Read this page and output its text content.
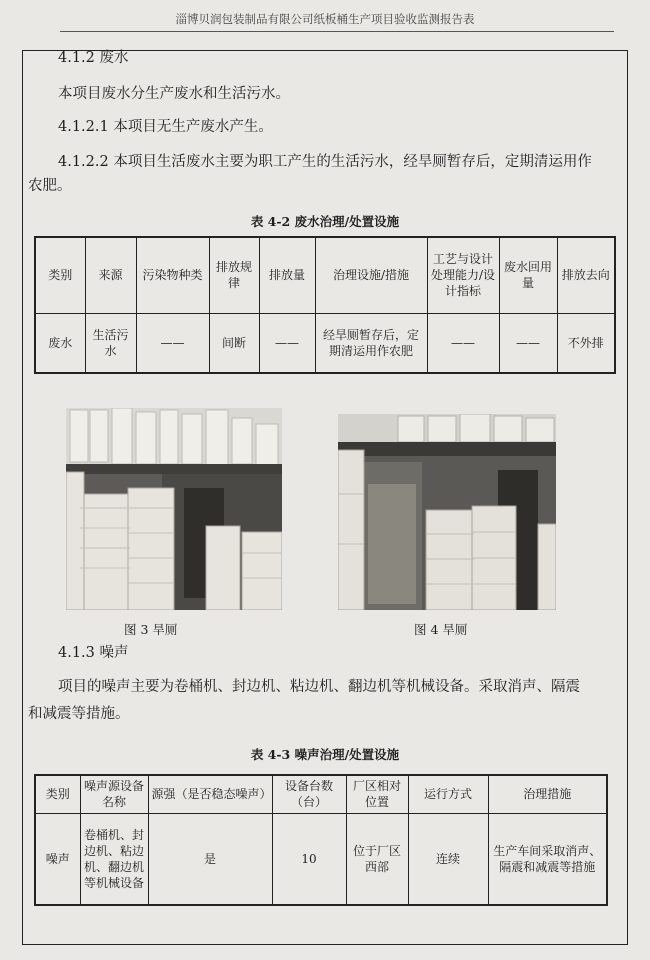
淄博贝润包装制品有限公司纸板桶生产项目验收监测报告表
4.1.2 废水
本项目废水分生产废水和生活污水。
4.1.2.1 本项目无生产废水产生。
4.1.2.2 本项目生活废水主要为职工产生的生活污水，经旱厕暂存后，定期清运用作
农肥。
表 4-2 废水治理/处置设施
类别	来源	污染物种类	排放规律	排放量	治理设施/措施	工艺与设计处理能力/设计指标	废水回用量	排放去向
废水	生活污水	——	间断	——	经旱厕暂存后，定期清运用作农肥	——	——	不外排
图 3 旱厕	图 4 旱厕
4.1.3 噪声
项目的噪声主要为卷桶机、封边机、粘边机、翻边机等机械设备。采取消声、隔震
和减震等措施。
表 4-3 噪声治理/处置设施
类别	噪声源设备名称	源强（是否稳态噪声）	设备台数（台）	厂区相对位置	运行方式	治理措施
噪声	卷桶机、封边机、粘边机、翻边机等机械设备	是	10	位于厂区西部	连续	生产车间采取消声、隔震和减震等措施
